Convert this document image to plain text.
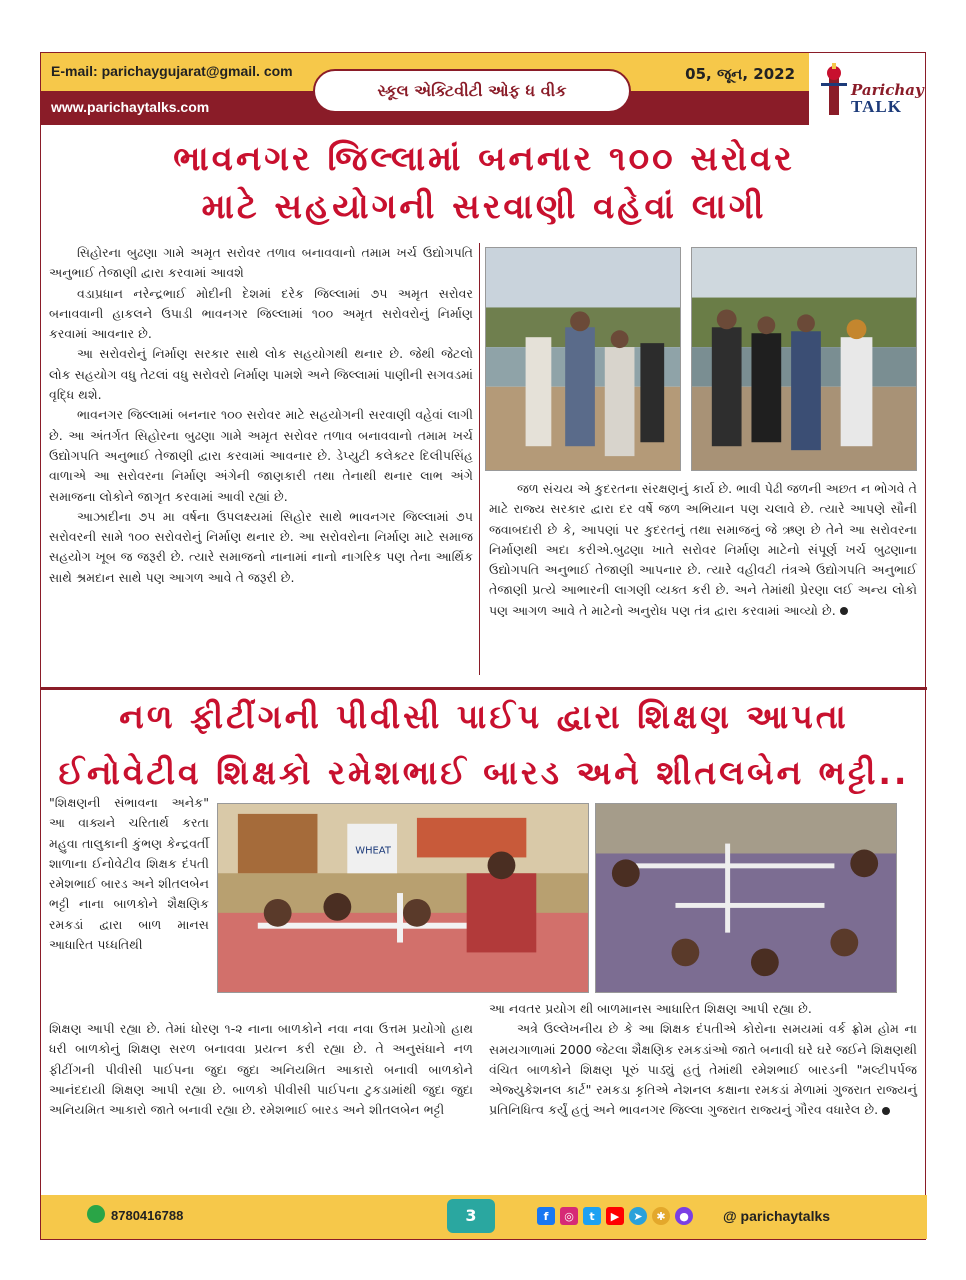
E-mail: parichaygujarat@gmail. com
www.parichaytalks.com
સ્કૂલ એક્ટિવીટી ઓફ ધ વીક
05, જૂન, 2022
Parichay
TALK
ભાવનગર જિલ્લામાં બનનાર ૧૦૦ સરોવર
માટે સહયોગની સરવાણી વહેવાં લાગી

સિહોરના બુઢણા ગામે અમૃત સરોવર તળાવ બનાવવાનો તમામ ખર્ચ ઉદ્યોગપતિ અનુભાઈ તેજાણી દ્વારા કરવામાં આવશે

વડાપ્રધાન નરેન્દ્રભાઈ મોદીની દેશમાં દરેક જિલ્લામાં ૭૫ અમૃત સરોવર બનાવવાની હાકલને ઉપાડી ભાવનગર જિલ્લામાં ૧૦૦ અમૃત સરોવરોનું નિર્માણ કરવામાં આવનાર છે.

આ સરોવરોનું નિર્માણ સરકાર સાથે લોક સહયોગથી થનાર છે. જેથી જેટલો લોક સહયોગ વધુ તેટલાં વધુ સરોવરો નિર્માણ પામશે અને જિલ્લામાં પાણીની સગવડમાં વૃદ્ધિ થશે.

ભાવનગર જિલ્લામાં બનનાર ૧૦૦ સરોવર માટે સહયોગની સરવાણી વહેવાં લાગી છે. આ અંતર્ગત સિહોરના બુઢણા ગામે અમૃત સરોવર તળાવ બનાવવાનો તમામ ખર્ચ ઉદ્યોગપતિ અનુભાઈ તેજાણી દ્વારા કરવામાં આવનાર છે. ડેપ્યુટી કલેક્ટર દિલીપસિંહ વાળાએ આ સરોવરના નિર્માણ અંગેની જાણકારી તથા તેનાથી થનાર લાભ અંગે સમાજના લોકોને જાગૃત કરવામાં આવી રહ્યાં છે.

આઝાદીના ૭૫ મા વર્ષના ઉપલક્ષ્યમાં સિહોર સાથે ભાવનગર જિલ્લામાં ૭૫ સરોવરની સામે ૧૦૦ સરોવરોનું નિર્માણ થનાર છે. આ સરોવરોના નિર્માણ માટે સમાજ સહયોગ ખૂબ જ જરૂરી છે. ત્યારે સમાજનો નાનામાં નાનો નાગરિક પણ તેના આર્થિક સાથે શ્રમદાન સાથે પણ આગળ આવે તે જરૂરી છે.

જળ સંચય એ કુદરતના સંરક્ષણનું કાર્ય છે. ભાવી પેઢી જળની અછત ન ભોગવે તે માટે રાજ્ય સરકાર દ્વારા દર વર્ષે જળ અભિયાન પણ ચલાવે છે. ત્યારે આપણે સૌની જવાબદારી છે કે, આપણાં પર કુદરતનું તથા સમાજનું જે ઋણ છે તેને આ સરોવરના નિર્માણથી અદા કરીએ.બુઢણા ખાતે સરોવર નિર્માણ માટેનો સંપૂર્ણ ખર્ચ બુઢણાના ઉદ્યોગપતિ અનુભાઈ તેજાણી આપનાર છે. ત્યારે વહીવટી તંત્રએ ઉદ્યોગપતિ અનુભાઈ તેજાણી પ્રત્યે આભારની લાગણી વ્યક્ત કરી છે. અને તેમાંથી પ્રેરણા લઈ અન્ય લોકો પણ આગળ આવે તે માટેનો અનુરોધ પણ તંત્ર દ્વારા કરવામાં આવ્યો છે.

નળ ફીટીંગની પીવીસી પાઈપ દ્વારા શિક્ષણ આપતા
ઈનોવેટીવ શિક્ષકો રમેશભાઈ બારડ અને શીતલબેન ભટ્ટી..

"શિક્ષણની સંભાવના અનેક" આ વાક્યને ચરિતાર્થ કરતા મહુવા તાલુકાની કુંભણ કેન્દ્રવર્તી શાળાના ઈનોવેટીવ શિક્ષક દંપતી રમેશભાઈ બારડ અને શીતલબેન ભટ્ટી નાના બાળકોને શૈક્ષણિક રમકડાં દ્વારા બાળ માનસ આધારિત પધ્ધતિથી

WHEAT

શિક્ષણ આપી રહ્યા છે. તેમાં ધોરણ ૧-૨ નાના બાળકોને નવા નવા ઉત્તમ પ્રયોગો હાથ ધરી બાળકોનું શિક્ષણ સરળ બનાવવા પ્રયત્ન કરી રહ્યા છે. તે અનુસંધાને નળ ફીટીંગની પીવીસી પાઈપના જુદા જુદા અનિયમિત આકારો બનાવી બાળકોને આનંદદાયી શિક્ષણ આપી રહ્યા છે. બાળકો પીવીસી પાઈપના ટુકડામાંથી જુદા જુદા અનિયમિત આકારો જાતે બનાવી રહ્યા છે. રમેશભાઈ બારડ અને શીતલબેન ભટ્ટી

આ નવતર પ્રયોગ થી બાળમાનસ આધારિત શિક્ષણ આપી રહ્યા છે.

અત્રે ઉલ્લેખનીય છે કે આ શિક્ષક દંપતીએ કોરોના સમયમાં વર્ક ફ્રોમ હોમ ના સમયગાળામાં 2000 જેટલા શૈક્ષણિક રમકડાંઓ જાતે બનાવી ઘરે ઘરે જઈને શિક્ષણથી વંચિત બાળકોને શિક્ષણ પૂરું પાડ્યું હતું તેમાંથી રમેશભાઈ બારડની "મલ્ટીપર્પજ એજ્યુકેશનલ કાર્ટ" રમકડા કૃતિએ નેશનલ કક્ષાના રમકડાં મેળામાં ગુજરાત રાજ્યનું પ્રતિનિધિત્વ કર્યું હતું અને ભાવનગર જિલ્લા ગુજરાત રાજ્યનું ગૌરવ વધારેલ છે.

8780416788	3	f	◎	t	▶	➤	✱	●	@ parichaytalks
